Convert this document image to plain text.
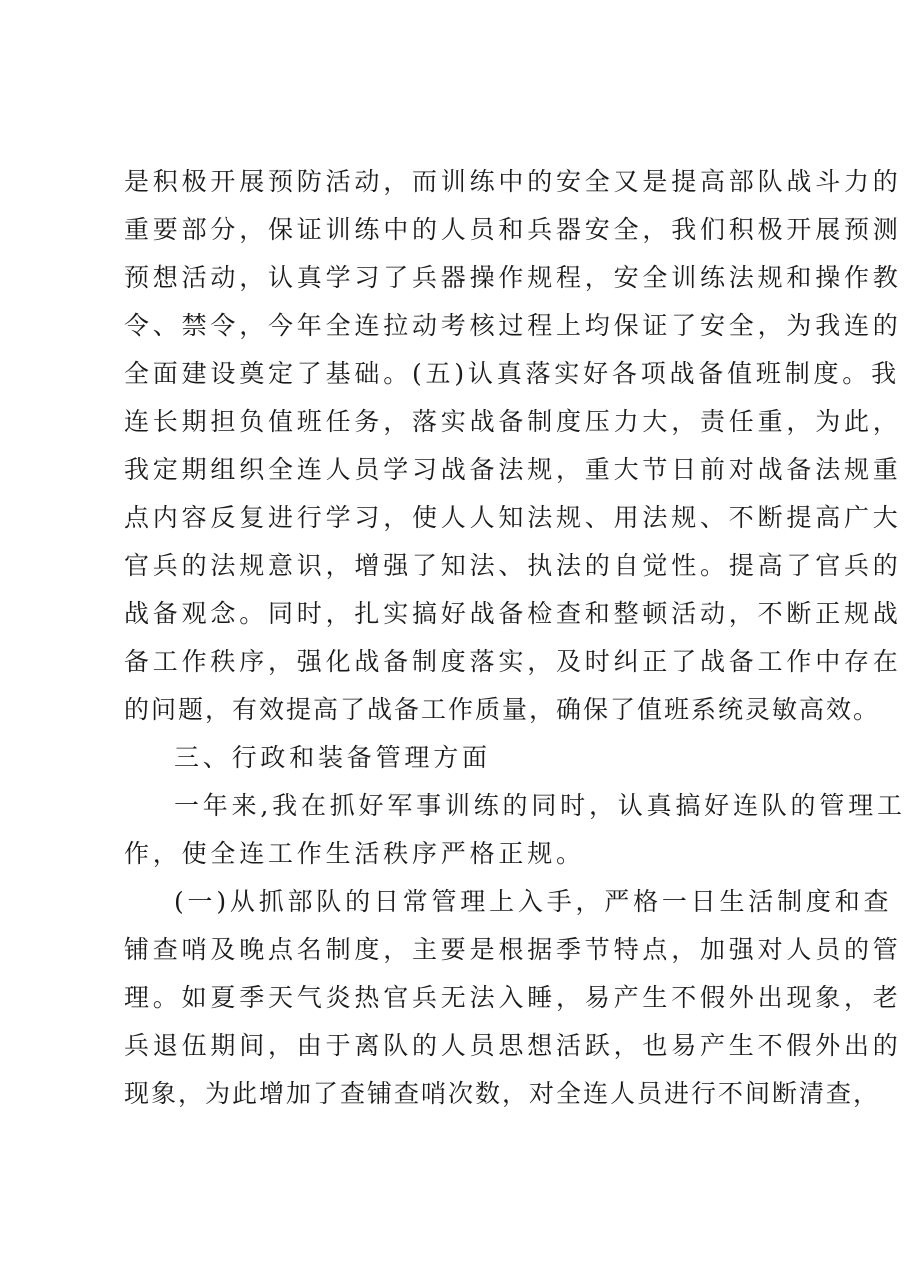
是积极开展预防活动，而训练中的安全又是提高部队战斗力的
重要部分，保证训练中的人员和兵器安全，我们积极开展预测
预想活动，认真学习了兵器操作规程，安全训练法规和操作教
令、禁令，今年全连拉动考核过程上均保证了安全，为我连的
全面建设奠定了基础。(五)认真落实好各项战备值班制度。我
连长期担负值班任务，落实战备制度压力大，责任重，为此，
我定期组织全连人员学习战备法规，重大节日前对战备法规重
点内容反复进行学习，使人人知法规、用法规、不断提高广大
官兵的法规意识，增强了知法、执法的自觉性。提高了官兵的
战备观念。同时，扎实搞好战备检查和整顿活动，不断正规战
备工作秩序，强化战备制度落实，及时纠正了战备工作中存在
的问题，有效提高了战备工作质量，确保了值班系统灵敏高效。
三、行政和装备管理方面
一年来,我在抓好军事训练的同时，认真搞好连队的管理工
作，使全连工作生活秩序严格正规。
(一)从抓部队的日常管理上入手，严格一日生活制度和查
铺查哨及晚点名制度，主要是根据季节特点，加强对人员的管
理。如夏季天气炎热官兵无法入睡，易产生不假外出现象，老
兵退伍期间，由于离队的人员思想活跃，也易产生不假外出的
现象，为此增加了查铺查哨次数，对全连人员进行不间断清查，
